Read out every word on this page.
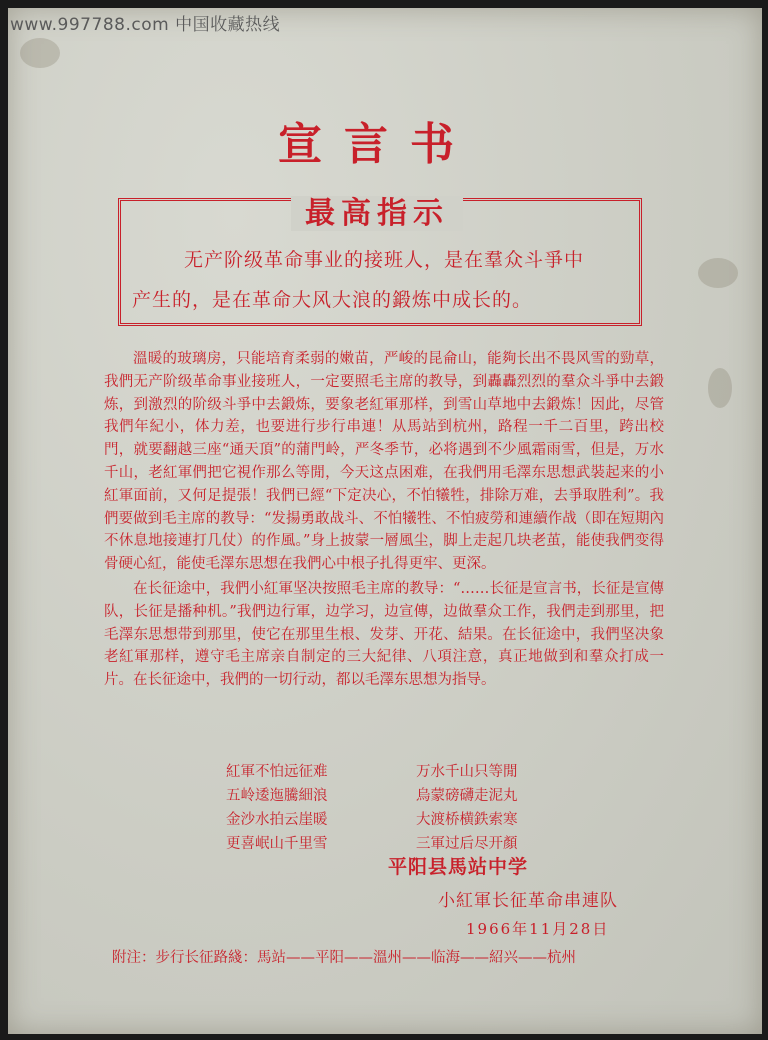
www.997788.com 中国收藏热线
宣言书
最高指示
无产阶级革命事业的接班人，是在羣众斗爭中
产生的，是在革命大风大浪的鍛炼中成长的。

溫暖的玻璃房，只能培育柔弱的嫩苗，严峻的昆侖山，能夠长出不畏风雪的勁草，我們无产阶级革命事业接班人，一定要照毛主席的教导，到轟轟烈烈的羣众斗爭中去鍛炼，到激烈的阶级斗爭中去鍛炼，要象老紅軍那样，到雪山草地中去鍛炼！因此，尽管我們年紀小，体力差，也要进行步行串連！从馬站到杭州，路程一千二百里，跨出校門，就要翻越三座“通天頂”的蒲門岭，严冬季节，必将遇到不少風霜雨雪，但是，万水千山，老紅軍們把它視作那么等閒，今天这点困难，在我們用毛澤东思想武裝起来的小紅軍面前，又何足提張！我們已經“下定决心，不怕犧牲，排除万难，去爭取胜利”。我們要做到毛主席的教导：“发揚勇敢战斗、不怕犧牲、不怕疲勞和連續作战（即在短期內不休息地接連打几仗）的作風。”身上披蒙一層風尘，脚上走起几块老茧，能使我們变得骨硬心紅，能使毛澤东思想在我們心中根子扎得更牢、更深。

在长征途中，我們小紅軍坚决按照毛主席的教导：“……长征是宣言书，长征是宣傳队，长征是播种机。”我們边行軍，边学习，边宣傳，边做羣众工作，我們走到那里，把毛澤东思想带到那里，使它在那里生根、发芽、开花、結果。在长征途中，我們坚决象老紅軍那样，遵守毛主席亲自制定的三大紀律、八項注意，真正地做到和羣众打成一片。在长征途中，我們的一切行动，都以毛澤东思想为指导。

紅軍不怕远征难	万水千山只等閒
五岭逶迤騰細浪	烏蒙磅礴走泥丸
金沙水拍云崖暖	大渡桥横鉄索寒
更喜岷山千里雪	三軍过后尽开顏
平阳县馬站中学
小紅軍长征革命串連队
1966年11月28日
附注：步行长征路綫：馬站——平阳——溫州——临海——紹兴——杭州
